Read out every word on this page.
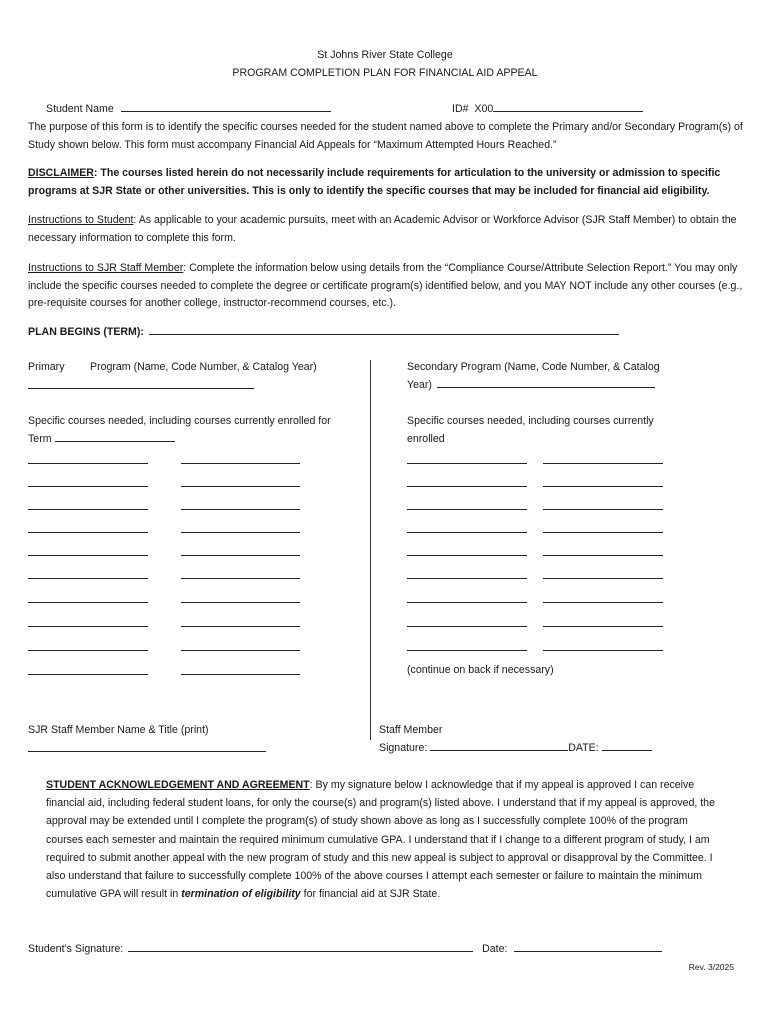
St Johns River State College
PROGRAM COMPLETION PLAN FOR FINANCIAL AID APPEAL
Student Name	ID# X00
The purpose of this form is to identify the specific courses needed for the student named above to complete the Primary and/or Secondary Program(s) of Study shown below. This form must accompany Financial Aid Appeals for “Maximum Attempted Hours Reached.”
DISCLAIMER: The courses listed herein do not necessarily include requirements for articulation to the university or admission to specific programs at SJR State or other universities. This is only to identify the specific courses that may be included for financial aid eligibility.
Instructions to Student: As applicable to your academic pursuits, meet with an Academic Advisor or Workforce Advisor (SJR Staff Member) to obtain the necessary information to complete this form.
Instructions to SJR Staff Member: Complete the information below using details from the “Compliance Course/Attribute Selection Report.” You may only include the specific courses needed to complete the degree or certificate program(s) identified below, and you MAY NOT include any other courses (e.g., pre-requisite courses for another college, instructor-recommend courses, etc.).
PLAN BEGINS (TERM):
Primary Program (Name, Code Number, & Catalog Year)
Specific courses needed, including courses currently enrolled for
Term
Secondary Program (Name, Code Number, & Catalog
Year)
Specific courses needed, including courses currently
enrolled
(continue on back if necessary)
SJR Staff Member Name & Title (print)	Staff Member
Signature:	DATE:
STUDENT ACKNOWLEDGEMENT AND AGREEMENT: By my signature below I acknowledge that if my appeal is approved I can receive financial aid, including federal student loans, for only the course(s) and program(s) listed above. I understand that if my appeal is approved, the approval may be extended until I complete the program(s) of study shown above as long as I successfully complete 100% of the program courses each semester and maintain the required minimum cumulative GPA. I understand that if I change to a different program of study, I am required to submit another appeal with the new program of study and this new appeal is subject to approval or disapproval by the Committee. I also understand that failure to successfully complete 100% of the above courses I attempt each semester or failure to maintain the minimum cumulative GPA will result in termination of eligibility for financial aid at SJR State.
Student’s Signature:	Date:
Rev. 3/2025
